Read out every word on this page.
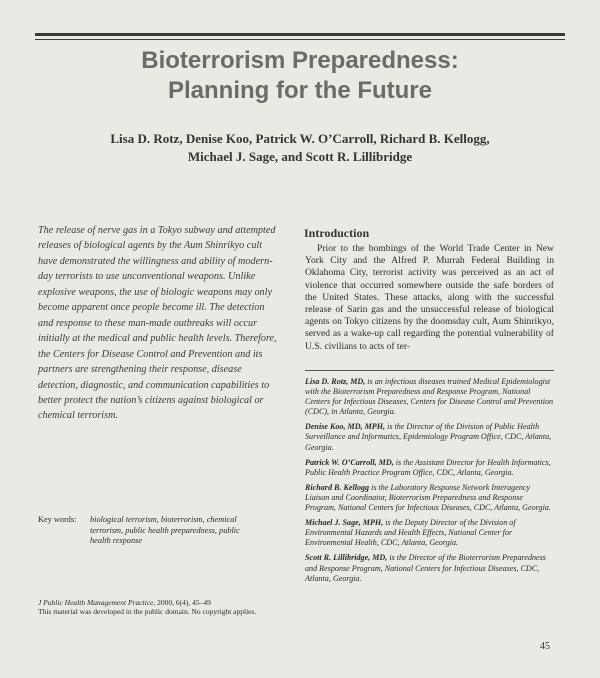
Bioterrorism Preparedness:
Planning for the Future
Lisa D. Rotz, Denise Koo, Patrick W. O’Carroll, Richard B. Kellogg,
Michael J. Sage, and Scott R. Lillibridge

The release of nerve gas in a Tokyo subway and attempted releases of biological agents by the Aum Shinrikyo cult have demonstrated the willingness and ability of modern-day terrorists to use unconventional weapons. Unlike explosive weapons, the use of biologic weapons may only become apparent once people become ill. The detection and response to these man-made outbreaks will occur initially at the medical and public health levels. Therefore, the Centers for Disease Control and Prevention and its partners are strengthening their response, disease detection, diagnostic, and communication capabilities to better protect the nation’s citizens against biological or chemical terrorism.

Key words:	biological terrorism, bioterrorism, chemical terrorism, public health preparedness, public health response
J Public Health Management Practice, 2000, 6(4), 45–49
This material was developed in the public domain. No copyright applies.
Introduction

Prior to the bombings of the World Trade Center in New York City and the Alfred P. Murrah Federal Building in Oklahoma City, terrorist activity was perceived as an act of violence that occurred somewhere outside the safe borders of the United States. These attacks, along with the successful release of Sarin gas and the unsuccessful release of biological agents on Tokyo citizens by the doomsday cult, Aum Shinrikyo, served as a wake-up call regarding the potential vulnerability of U.S. civilians to acts of ter-

Lisa D. Rotz, MD, is an infectious diseases trained Medical Epidemiologist with the Bioterrorism Preparedness and Response Program, National Centers for Infectious Diseases, Centers for Disease Control and Prevention (CDC), in Atlanta, Georgia.

Denise Koo, MD, MPH, is the Director of the Division of Public Health Surveillance and Informatics, Epidemiology Program Office, CDC, Atlanta, Georgia.

Patrick W. O’Carroll, MD, is the Assistant Director for Health Informatics, Public Health Practice Program Office, CDC, Atlanta, Georgia.

Richard B. Kellogg is the Laboratory Response Network Interagency Liaison and Coordinator, Bioterrorism Preparedness and Response Program, National Centers for Infectious Diseases, CDC, Atlanta, Georgia.

Michael J. Sage, MPH, is the Deputy Director of the Division of Environmental Hazards and Health Effects, National Center for Environmental Health, CDC, Atlanta, Georgia.

Scott R. Lillibridge, MD, is the Director of the Bioterrorism Preparedness and Response Program, National Centers for Infectious Diseases, CDC, Atlanta, Georgia.

45
